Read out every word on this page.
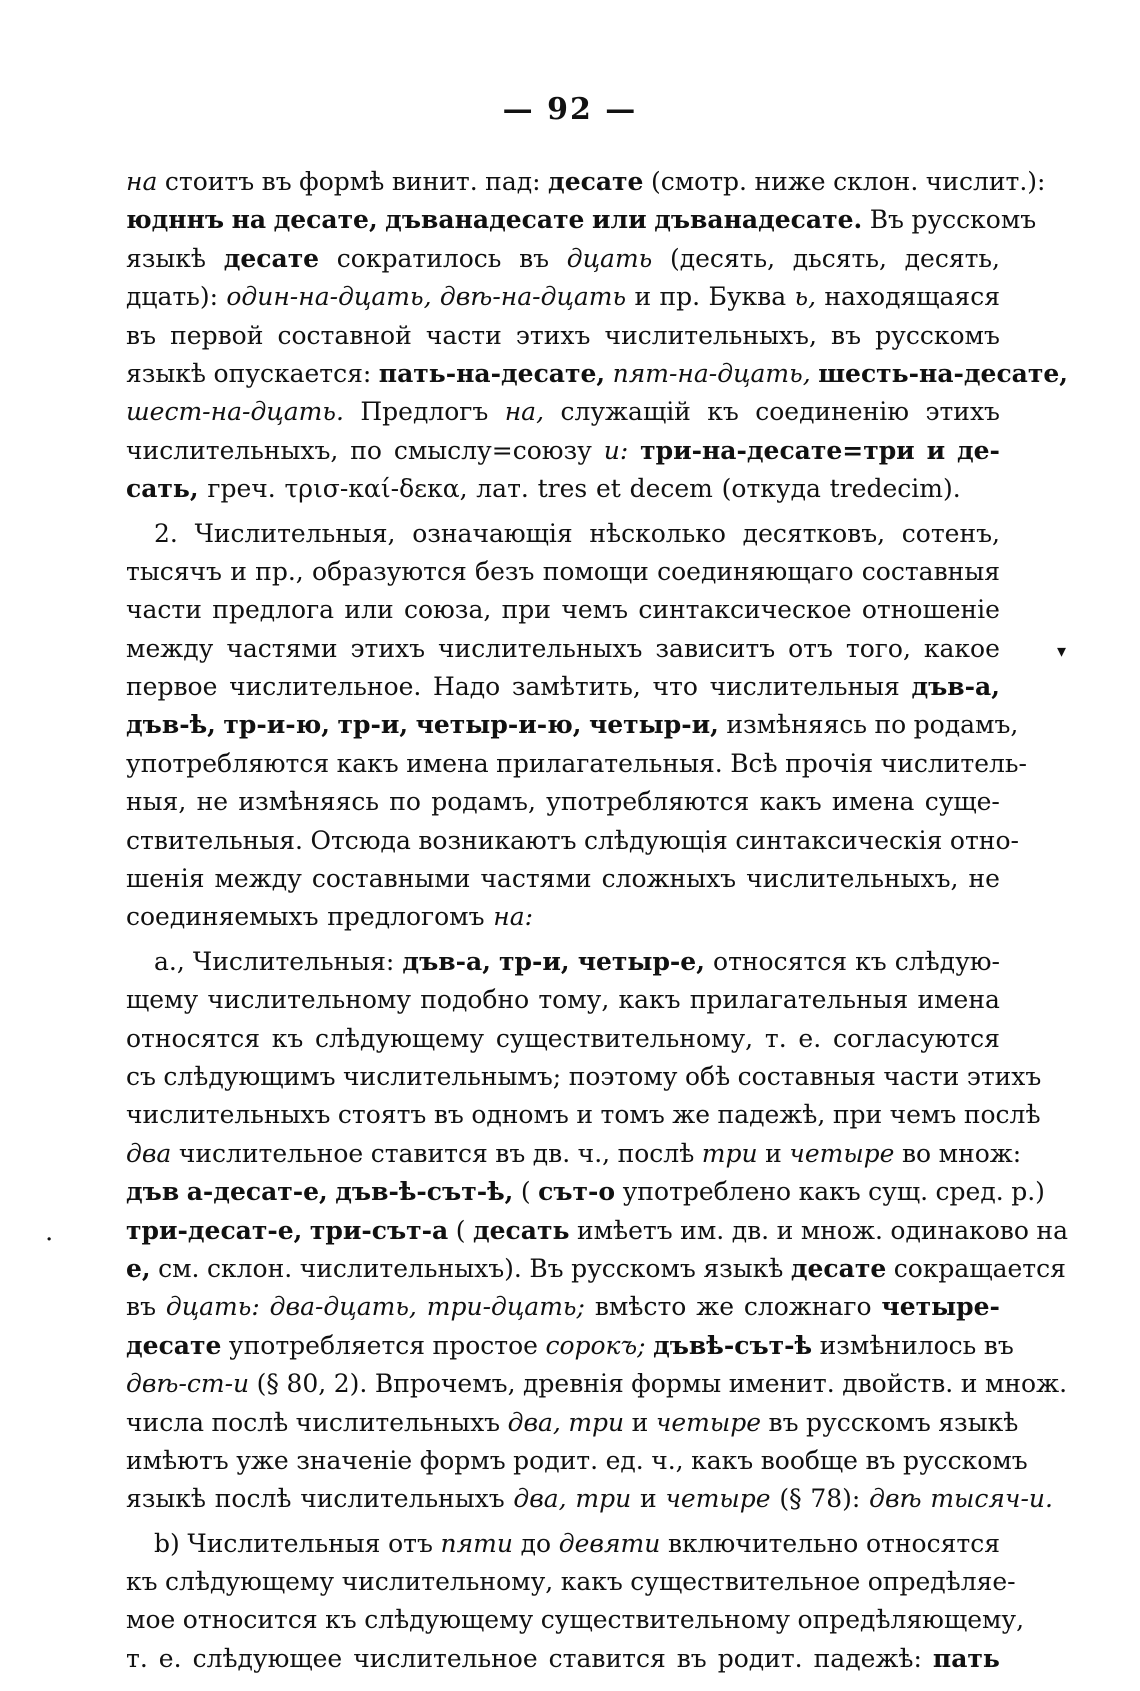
— 92 —
на стоитъ въ формѣ винит. пад: десате (смотр. ниже склон. числит.):
юдннъ на десате, дъванадесате или дъванадесате. Въ русскомъ
языкѣ десате сократилось въ дцать (десять, дьсять, десять,
дцать): один-на-дцать, двѣ-на-дцать и пр. Буква ь, находящаяся
въ первой составной части этихъ числительныхъ, въ русскомъ
языкѣ опускается: пать-на-десате, пят-на-дцать, шесть-на-десате,
шест-на-дцать. Предлогъ на, служащій къ соединенію этихъ
числительныхъ, по смыслу=союзу и: три-на-десате=три и де-
сать, греч. τρισ-καί-δεκα, лат. tres et decem (откуда tredecim).
2. Числительныя, означающія нѣсколько десятковъ, сотенъ,
тысячъ и пр., образуются безъ помощи соединяющаго составныя
части предлога или союза, при чемъ синтаксическое отношеніе
между частями этихъ числительныхъ зависитъ отъ того, какое
первое числительное. Надо замѣтить, что числительныя дъв-а,
дъв-ѣ, тр-и-ю, тр-и, четыр-и-ю, четыр-и, измѣняясь по родамъ,
употребляются какъ имена прилагательныя. Всѣ прочія числитель-
ныя, не измѣняясь по родамъ, употребляются какъ имена суще-
ствительныя. Отсюда возникаютъ слѣдующія синтаксическія отно-
шенія между составными частями сложныхъ числительныхъ, не
соединяемыхъ предлогомъ на:
a., Числительныя: дъв-а, тр-и, четыр-е, относятся къ слѣдую-
щему числительному подобно тому, какъ прилагательныя имена
относятся къ слѣдующему существительному, т. е. согласуются
съ слѣдующимъ числительнымъ; поэтому обѣ составныя части этихъ
числительныхъ стоятъ въ одномъ и томъ же падежѣ, при чемъ послѣ
два числительное ставится въ дв. ч., послѣ три и четыре во множ:
дъв а-десат-е, дъв-ѣ-сът-ѣ, ( сът-о употреблено какъ сущ. сред. р.)
три-десат-е, три-сът-а ( десать имѣетъ им. дв. и множ. одинаково на
е, см. склон. числительныхъ). Въ русскомъ языкѣ десате сокращается
въ дцать: два-дцать, три-дцать; вмѣсто же сложнаго четыре-
десате употребляется простое сорокъ; дъвѣ-сът-ѣ измѣнилось въ
двѣ-ст-и (§ 80, 2). Впрочемъ, древнія формы именит. двойств. и множ.
числа послѣ числительныхъ два, три и четыре въ русскомъ языкѣ
имѣютъ уже значеніе формъ родит. ед. ч., какъ вообще въ русскомъ
языкѣ послѣ числительныхъ два, три и четыре (§ 78): двѣ тысяч-и.
b) Числительныя отъ пяти до девяти включительно относятся
къ слѣдующему числительному, какъ существительное опредѣляе-
мое относится къ слѣдующему существительному опредѣляющему,
т. е. слѣдующее числительное ставится въ родит. падежѣ: пать
▾
·
